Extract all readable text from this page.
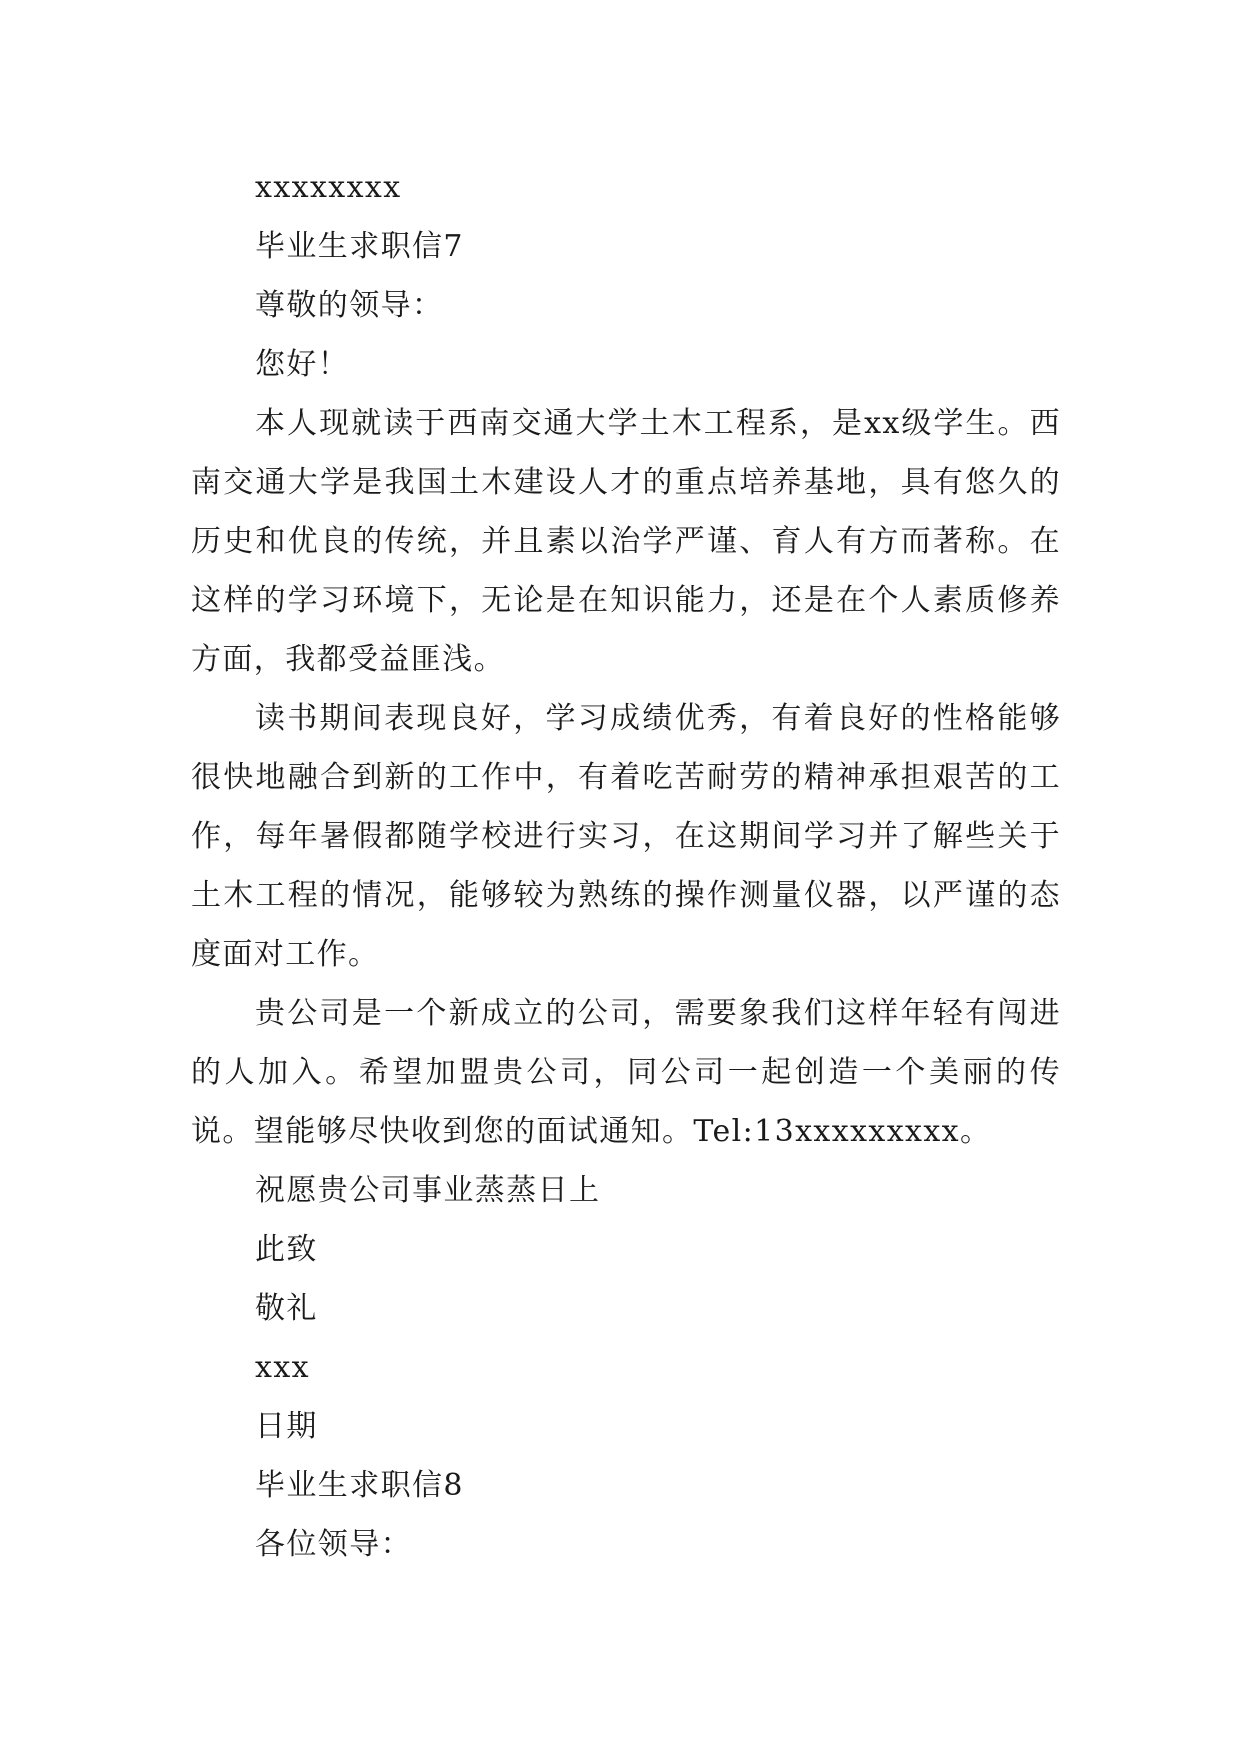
xxxxxxxx

毕业生求职信7

尊敬的领导：

您好！

本人现就读于西南交通大学土木工程系，是xx级学生。西南交通大学是我国土木建设人才的重点培养基地，具有悠久的历史和优良的传统，并且素以治学严谨、育人有方而著称。在这样的学习环境下，无论是在知识能力，还是在个人素质修养方面，我都受益匪浅。

读书期间表现良好，学习成绩优秀，有着良好的性格能够很快地融合到新的工作中，有着吃苦耐劳的精神承担艰苦的工作，每年暑假都随学校进行实习，在这期间学习并了解些关于土木工程的情况，能够较为熟练的操作测量仪器，以严谨的态度面对工作。

贵公司是一个新成立的公司，需要象我们这样年轻有闯进的人加入。希望加盟贵公司，同公司一起创造一个美丽的传说。望能够尽快收到您的面试通知。Tel:13xxxxxxxxx。

祝愿贵公司事业蒸蒸日上

此致

敬礼

xxx

日期

毕业生求职信8

各位领导：
